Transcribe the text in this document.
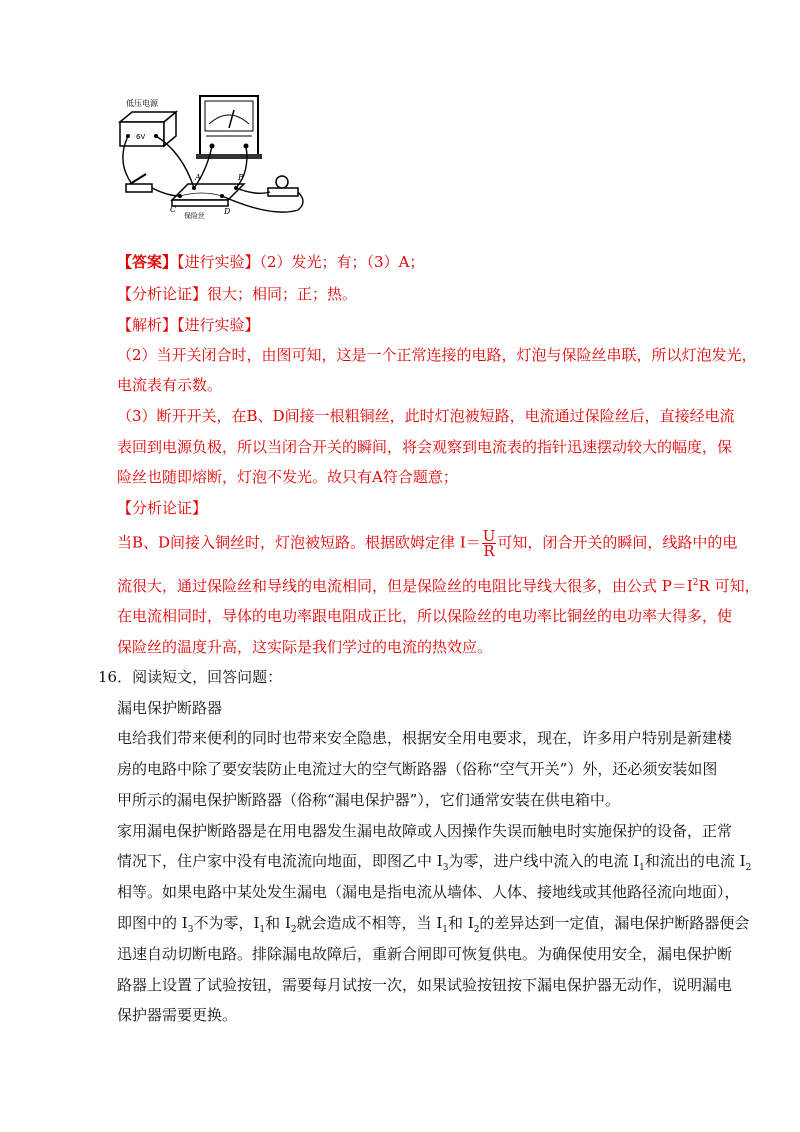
低压电源
6V
A	B
C	D
保险丝
【答案】【进行实验】（2）发光；有；（3）A；
【分析论证】很大；相同；正；热。
【解析】【进行实验】
（2）当开关闭合时，由图可知，这是一个正常连接的电路，灯泡与保险丝串联，所以灯泡发光，
电流表有示数。
（3）断开开关，在B、D间接一根粗铜丝，此时灯泡被短路，电流通过保险丝后，直接经电流
表回到电源负极，所以当闭合开关的瞬间，将会观察到电流表的指针迅速摆动较大的幅度，保
险丝也随即熔断，灯泡不发光。故只有A符合题意；
【分析论证】
当B、D间接入铜丝时，灯泡被短路。根据欧姆定律 $I= \frac{U}{R}$ 可知，闭合开关的瞬间，线路中的电
流很大，通过保险丝和导线的电流相同，但是保险丝的电阻比导线大很多，由公式 $P=I^2R$ 可知，
在电流相同时，导体的电功率跟电阻成正比，所以保险丝的电功率比铜丝的电功率大得多，使
保险丝的温度升高，这实际是我们学过的电流的热效应。
16．阅读短文，回答问题：
漏电保护断路器
电给我们带来便利的同时也带来安全隐患，根据安全用电要求，现在，许多用户特别是新建楼
房的电路中除了要安装防止电流过大的空气断路器（俗称“空气开关”）外，还必须安装如图
甲所示的漏电保护断路器（俗称“漏电保护器”），它们通常安装在供电箱中。
家用漏电保护断路器是在用电器发生漏电故障或人因操作失误而触电时实施保护的设备，正常
情况下，住户家中没有电流流向地面，即图乙中 $I_3$为零，进户线中流入的电流 $I_1$和流出的电流 $I_2$
相等。如果电路中某处发生漏电（漏电是指电流从墙体、人体、接地线或其他路径流向地面），
即图中的 $I_3$不为零，$I_1$和 $I_2$就会造成不相等，当 $I_1$和 $I_2$的差异达到一定值，漏电保护断路器便会
迅速自动切断电路。排除漏电故障后，重新合闸即可恢复供电。为确保使用安全，漏电保护断
路器上设置了试验按钮，需要每月试按一次，如果试验按钮按下漏电保护器无动作，说明漏电
保护器需要更换。
